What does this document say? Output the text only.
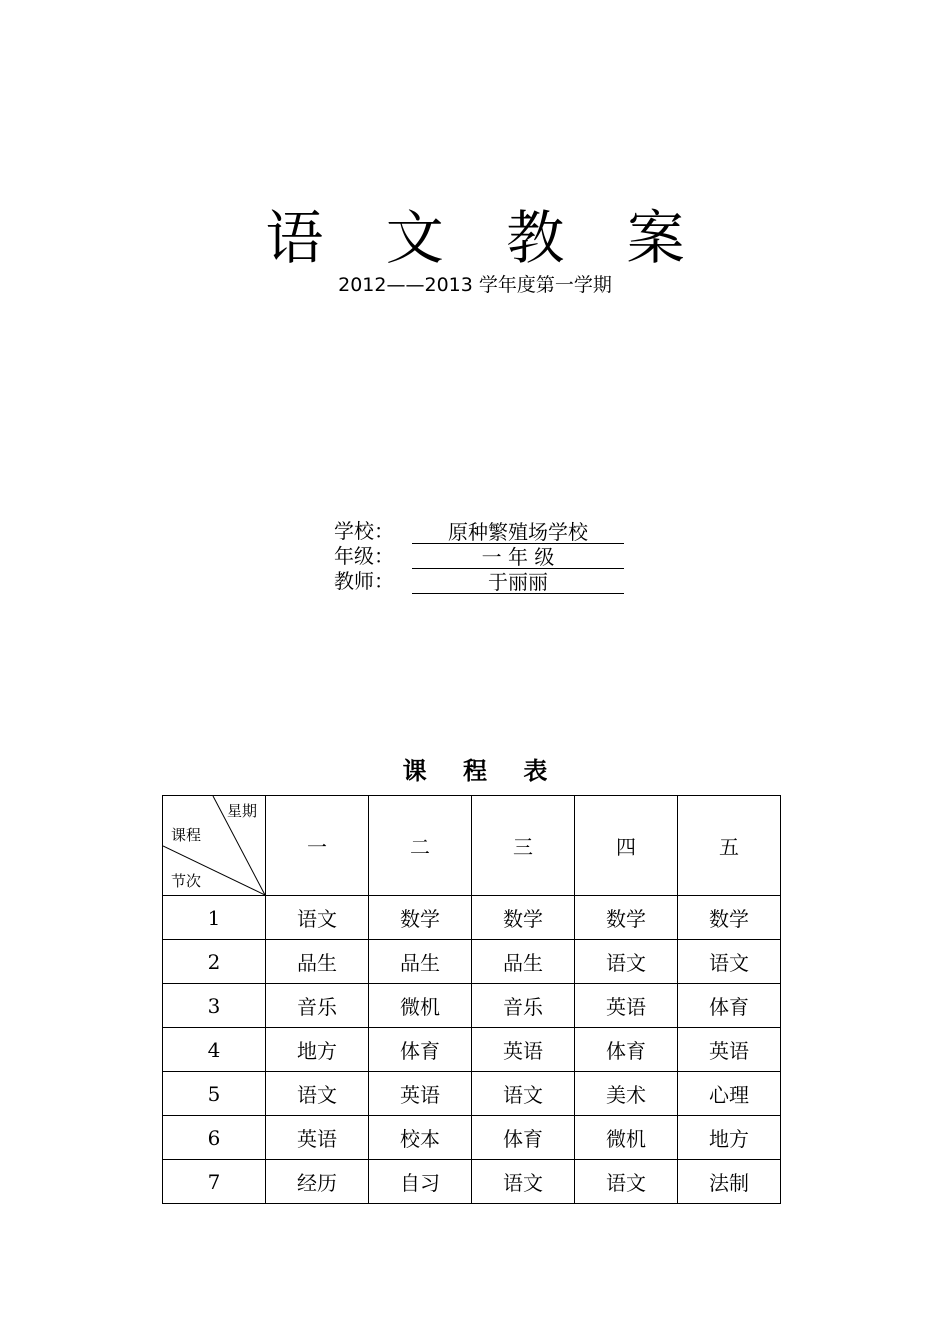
语 文 教 案
2012——2013 学年度第一学期
学校：	原种繁殖场学校
年级：	一 年 级
教师：	于丽丽
课 程 表
星期
课程
节次	一	二	三	四	五
1	语文	数学	数学	数学	数学
2	品生	品生	品生	语文	语文
3	音乐	微机	音乐	英语	体育
4	地方	体育	英语	体育	英语
5	语文	英语	语文	美术	心理
6	英语	校本	体育	微机	地方
7	经历	自习	语文	语文	法制
